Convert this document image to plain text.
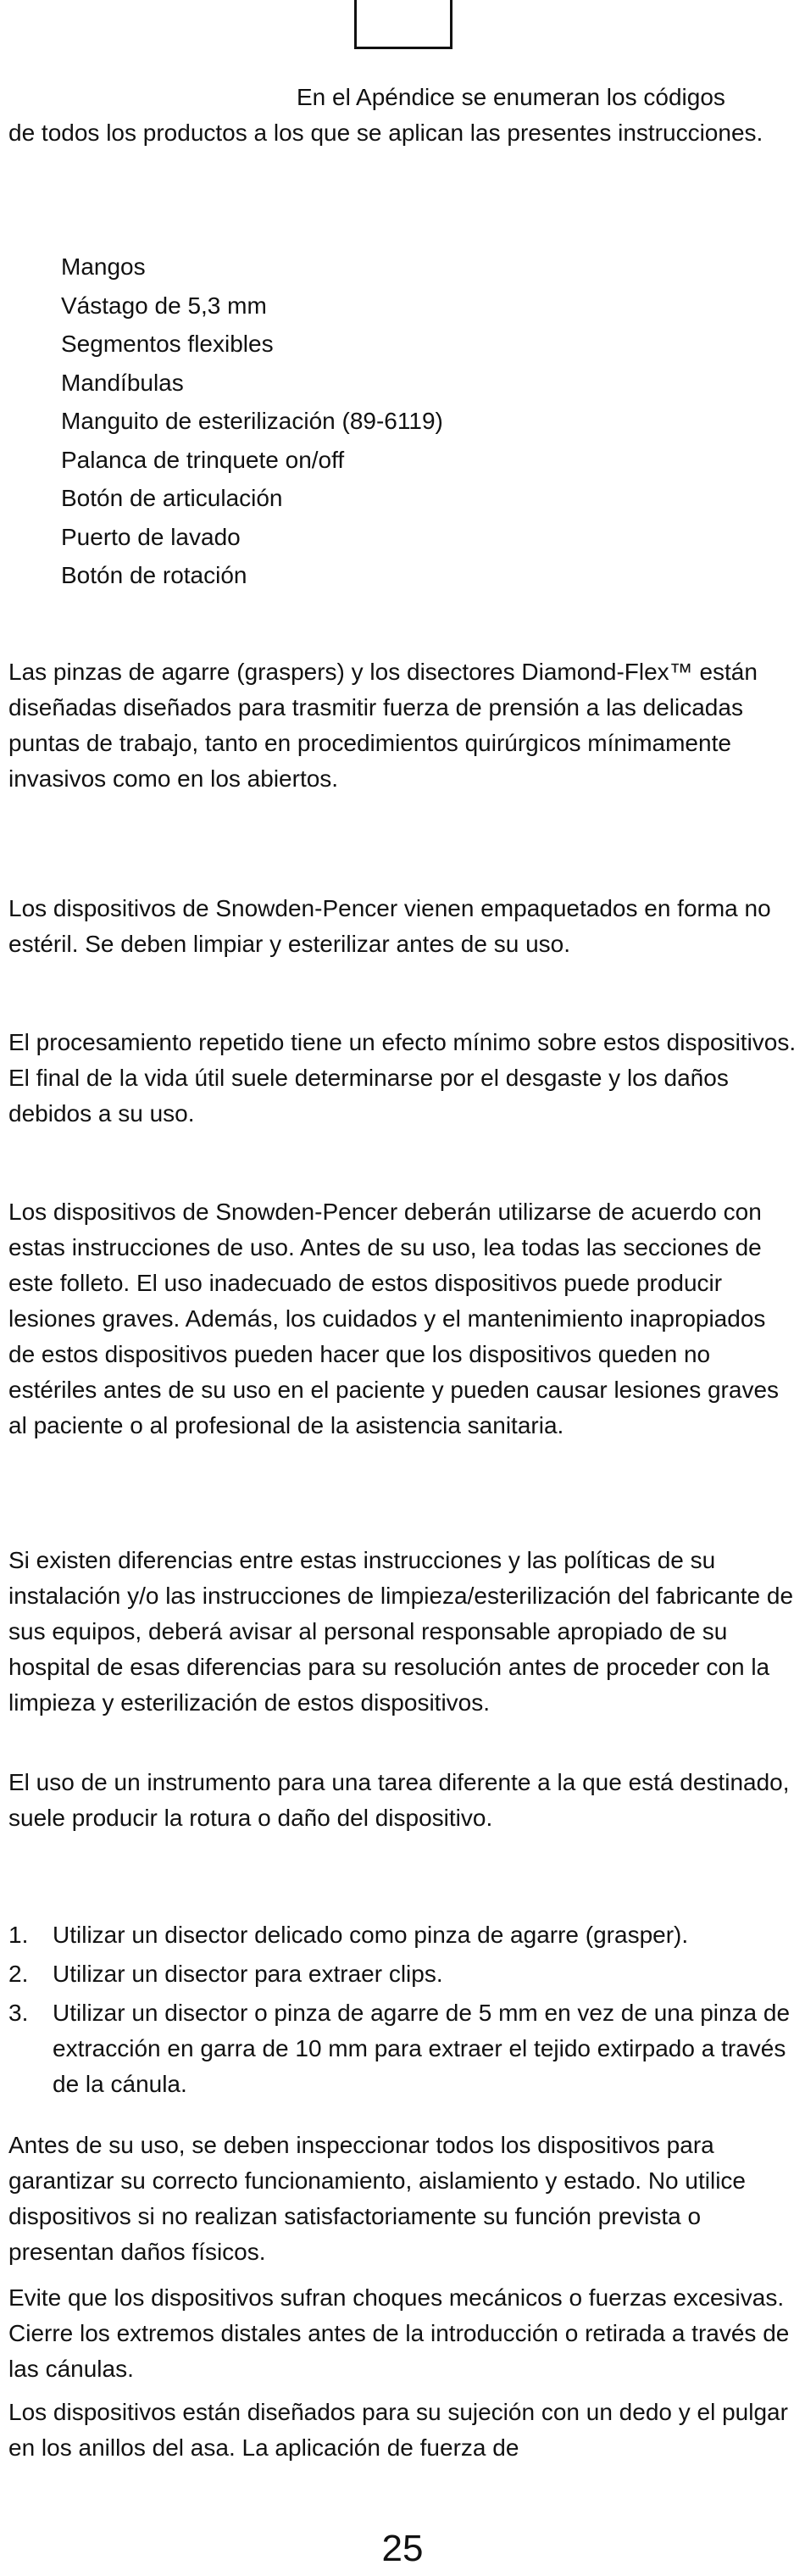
En el Apéndice se enumeran los códigos
de todos los productos a los que se aplican las presentes instrucciones.
Mangos
Vástago de 5,3 mm
Segmentos flexibles
Mandíbulas
Manguito de esterilización (89-6119)
Palanca de trinquete on/off
Botón de articulación
Puerto de lavado
Botón de rotación

Las pinzas de agarre (graspers) y los disectores Diamond-Flex™ están diseñadas diseñados para trasmitir fuerza de prensión a las delicadas puntas de trabajo, tanto en procedimientos quirúrgicos mínimamente invasivos como en los abiertos.

Los dispositivos de Snowden-Pencer vienen empaquetados en forma no estéril. Se deben limpiar y esterilizar antes de su uso.

El procesamiento repetido tiene un efecto mínimo sobre estos dispositivos. El final de la vida útil suele determinarse por el desgaste y los daños debidos a su uso.

Los dispositivos de Snowden-Pencer deberán utilizarse de acuerdo con estas instrucciones de uso. Antes de su uso, lea todas las secciones de este folleto. El uso inadecuado de estos dispositivos puede producir lesiones graves. Además, los cuidados y el mantenimiento inapropiados de estos dispositivos pueden hacer que los dispositivos queden no estériles antes de su uso en el paciente y pueden causar lesiones graves al paciente o al profesional de la asistencia sanitaria.

Si existen diferencias entre estas instrucciones y las políticas de su instalación y/o las instrucciones de limpieza/esterilización del fabricante de sus equipos, deberá avisar al personal responsable apropiado de su hospital de esas diferencias para su resolución antes de proceder con la limpieza y esterilización de estos dispositivos.

El uso de un instrumento para una tarea diferente a la que está destinado, suele producir la rotura o daño del dispositivo.

1. Utilizar un disector delicado como pinza de agarre (grasper).
2. Utilizar un disector para extraer clips.
3. Utilizar un disector o pinza de agarre de 5 mm en vez de una pinza de extracción en garra de 10 mm para extraer el tejido extirpado a través de la cánula.

Antes de su uso, se deben inspeccionar todos los dispositivos para garantizar su correcto funcionamiento, aislamiento y estado. No utilice dispositivos si no realizan satisfactoriamente su función prevista o presentan daños físicos.

Evite que los dispositivos sufran choques mecánicos o fuerzas excesivas. Cierre los extremos distales antes de la introducción o retirada a través de las cánulas.

Los dispositivos están diseñados para su sujeción con un dedo y el pulgar en los anillos del asa. La aplicación de fuerza de

25
